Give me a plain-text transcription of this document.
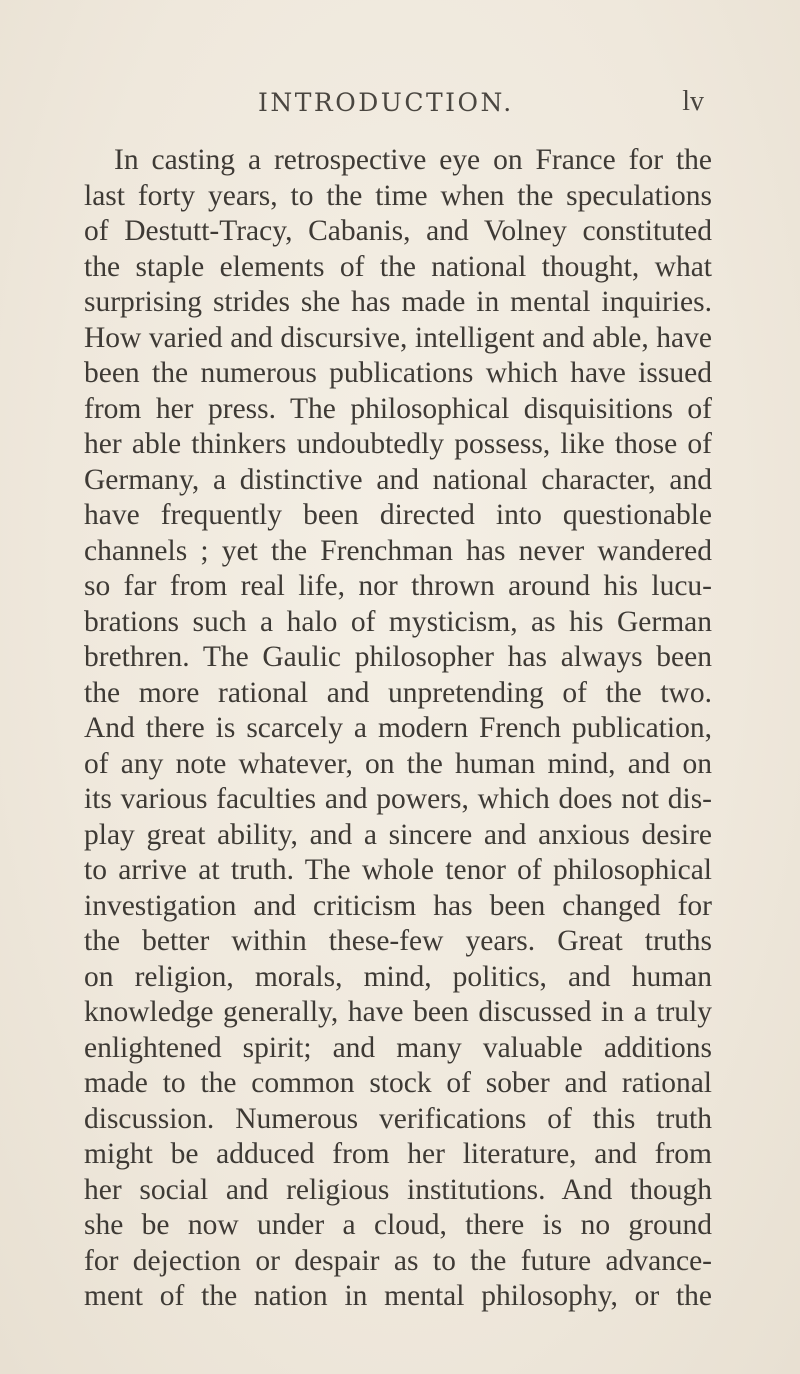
INTRODUCTION.	lv
In casting a retrospective eye on France for the
last forty years, to the time when the speculations
of Destutt-Tracy, Cabanis, and Volney constituted
the staple elements of the national thought, what
surprising strides she has made in mental inquiries.
How varied and discursive, intelligent and able, have
been the numerous publications which have issued
from her press. The philosophical disquisitions of
her able thinkers undoubtedly possess, like those of
Germany, a distinctive and national character, and
have frequently been directed into questionable
channels ; yet the Frenchman has never wandered
so far from real life, nor thrown around his lucu-
brations such a halo of mysticism, as his German
brethren. The Gaulic philosopher has always been
the more rational and unpretending of the two.
And there is scarcely a modern French publication,
of any note whatever, on the human mind, and on
its various faculties and powers, which does not dis-
play great ability, and a sincere and anxious desire
to arrive at truth. The whole tenor of philosophical
investigation and criticism has been changed for
the better within these-few years. Great truths
on religion, morals, mind, politics, and human
knowledge generally, have been discussed in a truly
enlightened spirit; and many valuable additions
made to the common stock of sober and rational
discussion. Numerous verifications of this truth
might be adduced from her literature, and from
her social and religious institutions. And though
she be now under a cloud, there is no ground
for dejection or despair as to the future advance-
ment of the nation in mental philosophy, or the
